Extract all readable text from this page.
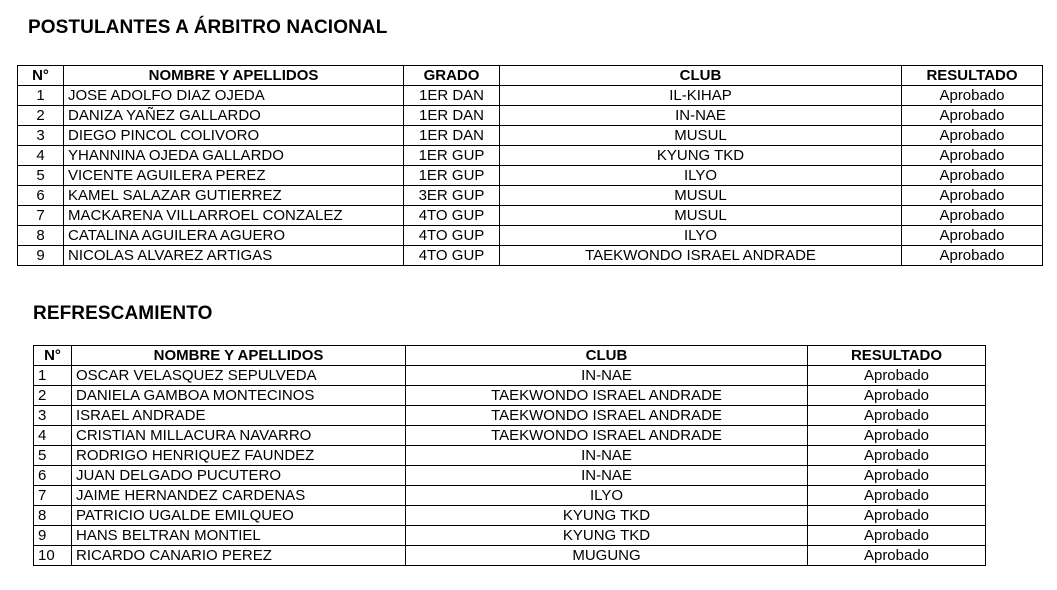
POSTULANTES A ÁRBITRO NACIONAL
N°	NOMBRE Y APELLIDOS	GRADO	CLUB	RESULTADO
1	JOSE ADOLFO DIAZ OJEDA	1ER DAN	IL-KIHAP	Aprobado
2	DANIZA YAÑEZ GALLARDO	1ER DAN	IN-NAE	Aprobado
3	DIEGO PINCOL COLIVORO	1ER DAN	MUSUL	Aprobado
4	YHANNINA OJEDA GALLARDO	1ER GUP	KYUNG TKD	Aprobado
5	VICENTE AGUILERA PEREZ	1ER GUP	ILYO	Aprobado
6	KAMEL SALAZAR GUTIERREZ	3ER GUP	MUSUL	Aprobado
7	MACKARENA VILLARROEL CONZALEZ	4TO GUP	MUSUL	Aprobado
8	CATALINA AGUILERA AGUERO	4TO GUP	ILYO	Aprobado
9	NICOLAS ALVAREZ ARTIGAS	4TO GUP	TAEKWONDO ISRAEL ANDRADE	Aprobado
REFRESCAMIENTO
N°	NOMBRE Y APELLIDOS	CLUB	RESULTADO
1	OSCAR VELASQUEZ SEPULVEDA	IN-NAE	Aprobado
2	DANIELA GAMBOA MONTECINOS	TAEKWONDO ISRAEL ANDRADE	Aprobado
3	ISRAEL ANDRADE	TAEKWONDO ISRAEL ANDRADE	Aprobado
4	CRISTIAN MILLACURA NAVARRO	TAEKWONDO ISRAEL ANDRADE	Aprobado
5	RODRIGO HENRIQUEZ FAUNDEZ	IN-NAE	Aprobado
6	JUAN DELGADO PUCUTERO	IN-NAE	Aprobado
7	JAIME HERNANDEZ CARDENAS	ILYO	Aprobado
8	PATRICIO UGALDE EMILQUEO	KYUNG TKD	Aprobado
9	HANS BELTRAN MONTIEL	KYUNG TKD	Aprobado
10	RICARDO CANARIO PEREZ	MUGUNG	Aprobado
